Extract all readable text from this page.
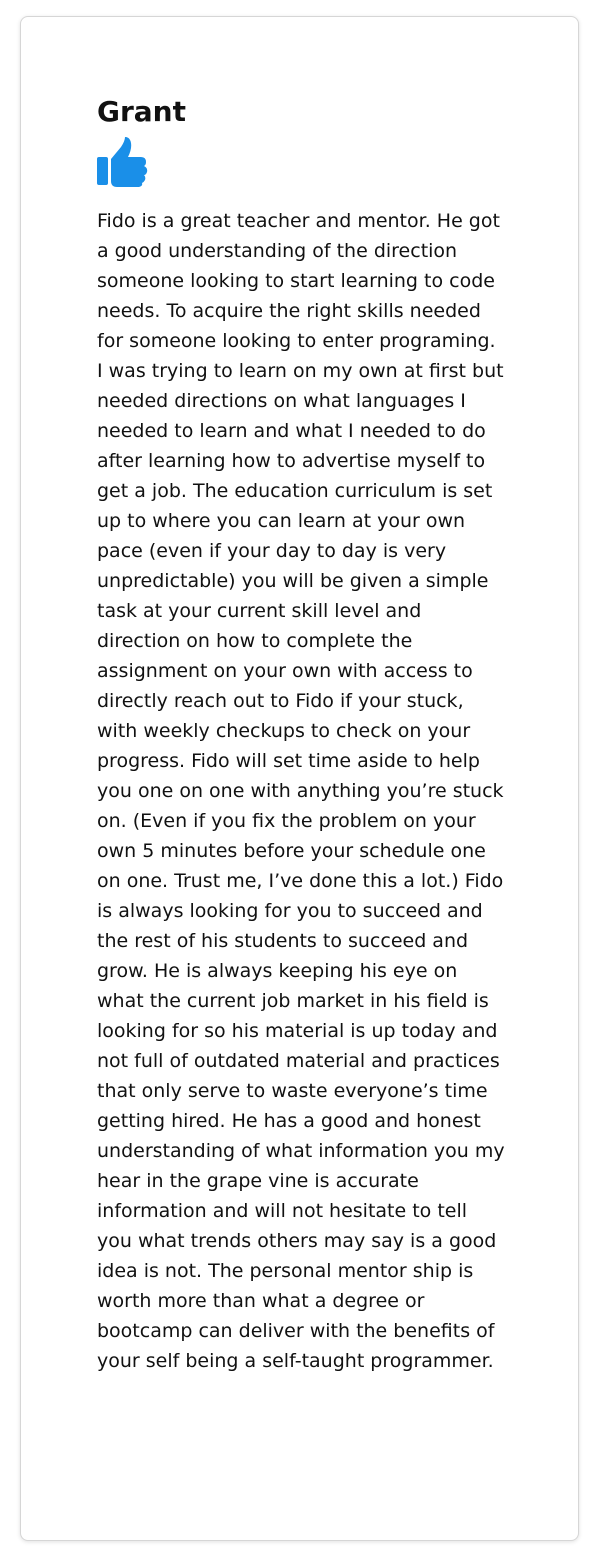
Grant

Fido is a great teacher and mentor. He got a good understanding of the direction someone looking to start learning to code needs. To acquire the right skills needed for someone looking to enter programing. I was trying to learn on my own at first but needed directions on what languages I needed to learn and what I needed to do after learning how to advertise myself to get a job. The education curriculum is set up to where you can learn at your own pace (even if your day to day is very unpredictable) you will be given a simple task at your current skill level and direction on how to complete the assignment on your own with access to directly reach out to Fido if your stuck, with weekly checkups to check on your progress. Fido will set time aside to help you one on one with anything you’re stuck on. (Even if you fix the problem on your own 5 minutes before your schedule one on one. Trust me, I’ve done this a lot.) Fido is always looking for you to succeed and the rest of his students to succeed and grow. He is always keeping his eye on what the current job market in his field is looking for so his material is up today and not full of outdated material and practices that only serve to waste everyone’s time getting hired. He has a good and honest understanding of what information you my hear in the grape vine is accurate information and will not hesitate to tell you what trends others may say is a good idea is not. The personal mentor ship is worth more than what a degree or bootcamp can deliver with the benefits of your self being a self-taught programmer.
